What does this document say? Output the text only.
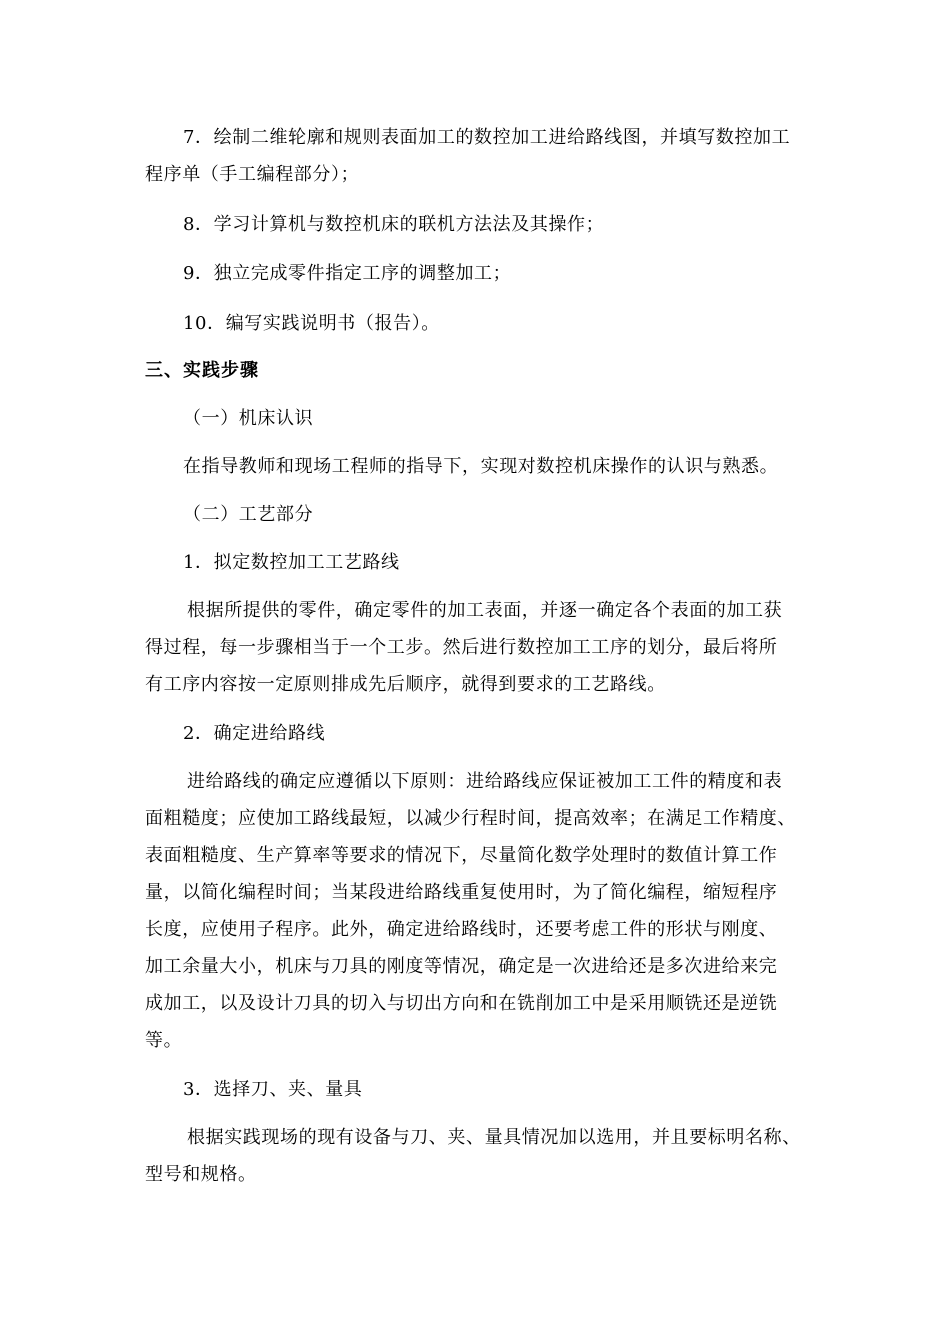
7．绘制二维轮廓和规则表面加工的数控加工进给路线图，并填写数控加工
程序单（手工编程部分）；
8．学习计算机与数控机床的联机方法法及其操作；
9．独立完成零件指定工序的调整加工；
10．编写实践说明书（报告）。
三、实践步骤
（一）机床认识
在指导教师和现场工程师的指导下，实现对数控机床操作的认识与熟悉。
（二）工艺部分
1．拟定数控加工工艺路线
根据所提供的零件，确定零件的加工表面，并逐一确定各个表面的加工获
得过程，每一步骤相当于一个工步。然后进行数控加工工序的划分，最后将所
有工序内容按一定原则排成先后顺序，就得到要求的工艺路线。
2．确定进给路线
进给路线的确定应遵循以下原则：进给路线应保证被加工工件的精度和表
面粗糙度；应使加工路线最短，以减少行程时间，提高效率；在满足工作精度、
表面粗糙度、生产算率等要求的情况下，尽量简化数学处理时的数值计算工作
量，以简化编程时间；当某段进给路线重复使用时，为了简化编程，缩短程序
长度，应使用子程序。此外，确定进给路线时，还要考虑工件的形状与刚度、
加工余量大小，机床与刀具的刚度等情况，确定是一次进给还是多次进给来完
成加工，以及设计刀具的切入与切出方向和在铣削加工中是采用顺铣还是逆铣
等。
3．选择刀、夹、量具
根据实践现场的现有设备与刀、夹、量具情况加以选用，并且要标明名称、
型号和规格。
